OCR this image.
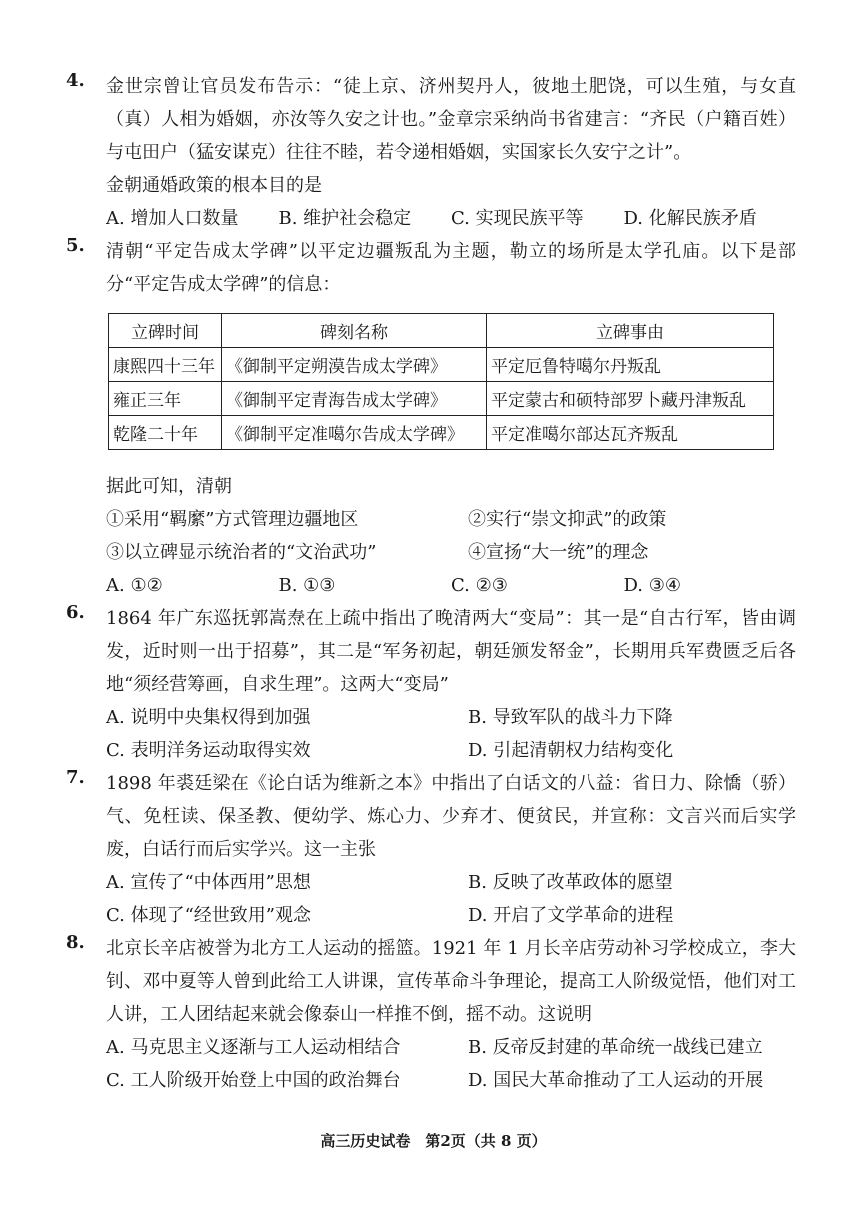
4. 金世宗曾让官员发布告示：“徒上京、济州契丹人，彼地土肥饶，可以生殖，与女直（真）人相为婚姻，亦汝等久安之计也。”金章宗采纳尚书省建言：“齐民（户籍百姓）与屯田户（猛安谋克）往往不睦，若令递相婚姻，实国家长久安宁之计”。

金朝通婚政策的根本目的是

A. 增加人口数量	B. 维护社会稳定	C. 实现民族平等	D. 化解民族矛盾
5. 清朝“平定告成太学碑”以平定边疆叛乱为主题，勒立的场所是太学孔庙。以下是部分“平定告成太学碑”的信息：

立碑时间	碑刻名称	立碑事由
康熙四十三年	《御制平定朔漠告成太学碑》	平定厄鲁特噶尔丹叛乱
雍正三年	《御制平定青海告成太学碑》	平定蒙古和硕特部罗卜藏丹津叛乱
乾隆二十年	《御制平定准噶尔告成太学碑》	平定准噶尔部达瓦齐叛乱

据此可知，清朝

①采用“羁縻”方式管理边疆地区	②实行“崇文抑武”的政策
③以立碑显示统治者的“文治武功”	④宣扬“大一统”的理念
A. ①②	B. ①③	C. ②③	D. ③④
6. 1864 年广东巡抚郭嵩焘在上疏中指出了晚清两大“变局”：其一是“自古行军，皆由调发，近时则一出于招募”，其二是“军务初起，朝廷颁发帑金”，长期用兵军费匮乏后各地“须经营筹画，自求生理”。这两大“变局”

A. 说明中央集权得到加强	B. 导致军队的战斗力下降
C. 表明洋务运动取得实效	D. 引起清朝权力结构变化
7. 1898 年裘廷梁在《论白话为维新之本》中指出了白话文的八益：省日力、除憍（骄）气、免枉读、保圣教、便幼学、炼心力、少弃才、便贫民，并宣称：文言兴而后实学废，白话行而后实学兴。这一主张

A. 宣传了“中体西用”思想	B. 反映了改革政体的愿望
C. 体现了“经世致用”观念	D. 开启了文学革命的进程
8. 北京长辛店被誉为北方工人运动的摇篮。1921 年 1 月长辛店劳动补习学校成立，李大钊、邓中夏等人曾到此给工人讲课，宣传革命斗争理论，提高工人阶级觉悟，他们对工人讲，工人团结起来就会像泰山一样推不倒，摇不动。这说明

A. 马克思主义逐渐与工人运动相结合	B. 反帝反封建的革命统一战线已建立
C. 工人阶级开始登上中国的政治舞台	D. 国民大革命推动了工人运动的开展
高三历史试卷　第2页（共 8 页）
